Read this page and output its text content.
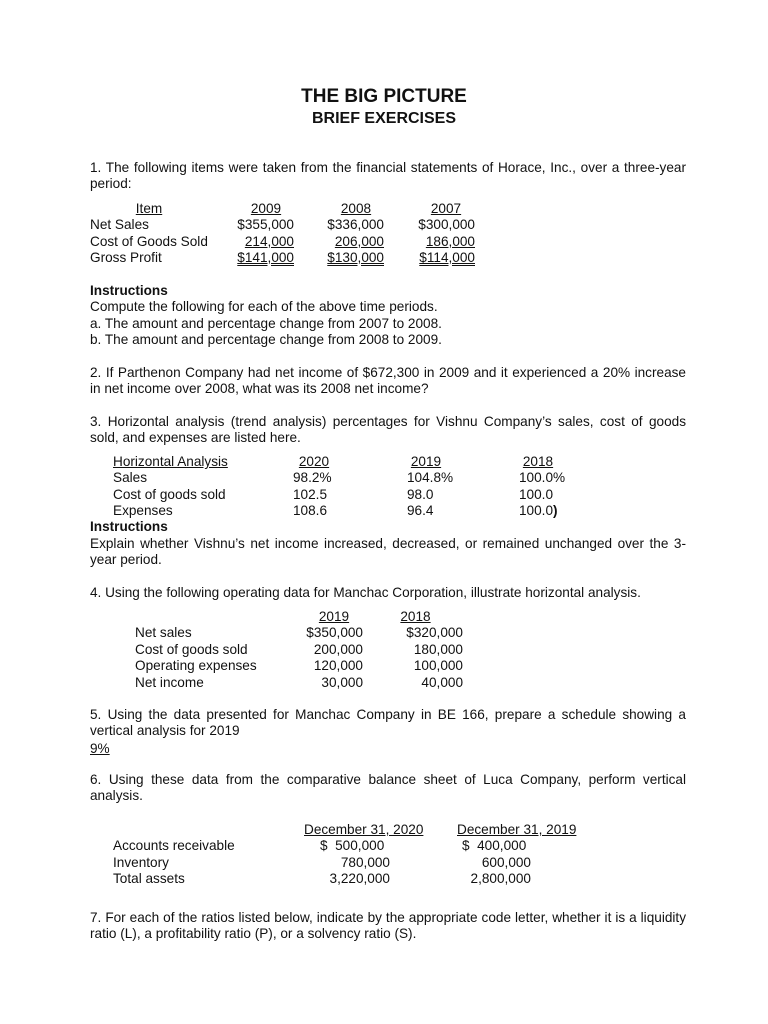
THE BIG PICTURE
BRIEF EXERCISES
1. The following items were taken from the financial statements of Horace, Inc., over a three-year period:
Item	2009	2008	2007
Net Sales	$355,000	$336,000	$300,000
Cost of Goods Sold	214,000	206,000	186,000
Gross Profit	$141,000	$130,000	$114,000
Instructions
Compute the following for each of the above time periods.
a. The amount and percentage change from 2007 to 2008.
b. The amount and percentage change from 2008 to 2009.
2. If Parthenon Company had net income of $672,300 in 2009 and it experienced a 20% increase in net income over 2008, what was its 2008 net income?
3. Horizontal analysis (trend analysis) percentages for Vishnu Company’s sales, cost of goods sold, and expenses are listed here.
Horizontal Analysis	2020	2019	2018
Sales	98.2%	104.8%	100.0%
Cost of goods sold	102.5	98.0	100.0
Expenses	108.6	96.4	100.0)
Instructions
Explain whether Vishnu’s net income increased, decreased, or remained unchanged over the 3-year period.
4. Using the following operating data for Manchac Corporation, illustrate horizontal analysis.
2019	2018
Net sales	$350,000	$320,000
Cost of goods sold	200,000	180,000
Operating expenses	120,000	100,000
Net income	30,000	40,000
5. Using the data presented for Manchac Company in BE 166, prepare a schedule showing a vertical analysis for 2019
9%
6. Using these data from the comparative balance sheet of Luca Company, perform vertical analysis.
December 31, 2020 December 31, 2019
Accounts receivable	$  500,000	$  400,000
Inventory	780,000	600,000
Total assets	3,220,000	2,800,000
7. For each of the ratios listed below, indicate by the appropriate code letter, whether it is a liquidity ratio (L), a profitability ratio (P), or a solvency ratio (S).
